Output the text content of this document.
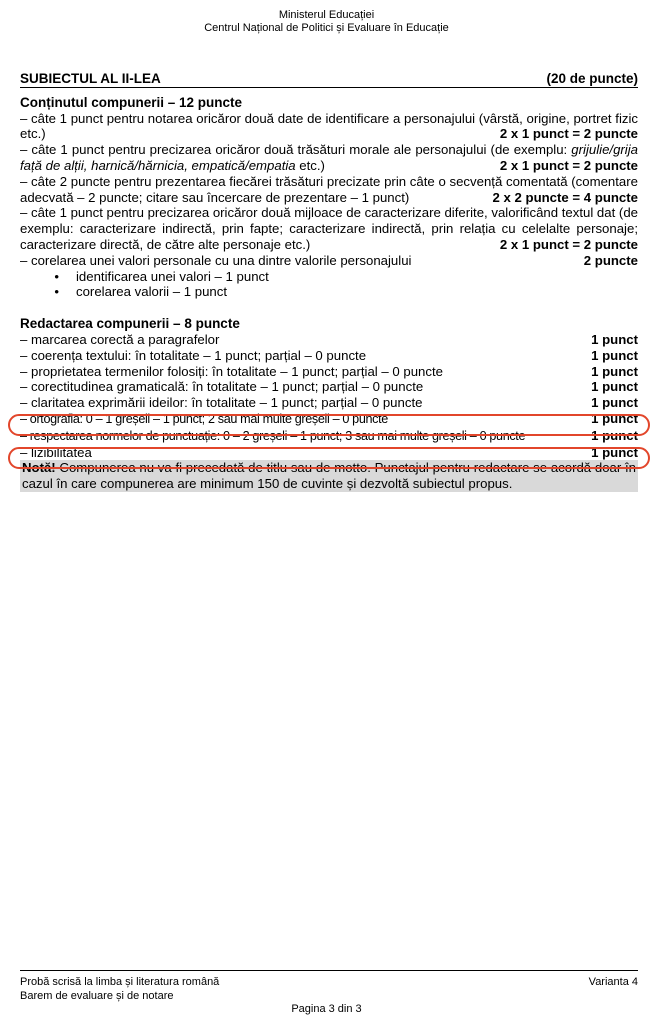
Ministerul Educației
Centrul Național de Politici și Evaluare în Educație
SUBIECTUL AL II-LEA	(20 de puncte)
Conținutul compunerii – 12 puncte
– câte 1 punct pentru notarea oricăror două date de identificare a personajului (vârstă, origine, portret fizic etc.)	2 x 1 punct = 2 puncte
– câte 1 punct pentru precizarea oricăror două trăsături morale ale personajului (de exemplu: grijulie/grija față de alții, harnică/hărnicia, empatică/empatia etc.)	2 x 1 punct = 2 puncte
– câte 2 puncte pentru prezentarea fiecărei trăsături precizate prin câte o secvență comentată (comentare adecvată – 2 puncte; citare sau încercare de prezentare – 1 punct)	2 x 2 puncte = 4 puncte
– câte 1 punct pentru precizarea oricăror două mijloace de caracterizare diferite, valorificând textul dat (de exemplu: caracterizare indirectă, prin fapte; caracterizare indirectă, prin relația cu celelalte personaje; caracterizare directă, de către alte personaje etc.)	2 x 1 punct = 2 puncte
– corelarea unei valori personale cu una dintre valorile personajului	2 puncte
• identificarea unei valori – 1 punct
• corelarea valorii – 1 punct
Redactarea compunerii – 8 puncte
– marcarea corectă a paragrafelor	1 punct
– coerența textului: în totalitate – 1 punct; parțial – 0 puncte	1 punct
– proprietatea termenilor folosiți: în totalitate – 1 punct; parțial – 0 puncte	1 punct
– corectitudinea gramaticală: în totalitate – 1 punct; parțial – 0 puncte	1 punct
– claritatea exprimării ideilor: în totalitate – 1 punct; parțial – 0 puncte	1 punct
– ortografia: 0 – 1 greșeli – 1 punct; 2 sau mai multe greșeli – 0 puncte	1 punct
– respectarea normelor de punctuație: 0 – 2 greșeli – 1 punct; 3 sau mai multe greșeli – 0 puncte	1 punct
– lizibilitatea	1 punct
Notă! Compunerea nu va fi precedată de titlu sau de motto. Punctajul pentru redactare se acordă doar în cazul în care compunerea are minimum 150 de cuvinte și dezvoltă subiectul propus.
Probă scrisă la limba și literatura română	Varianta 4
Barem de evaluare și de notare
Pagina 3 din 3
